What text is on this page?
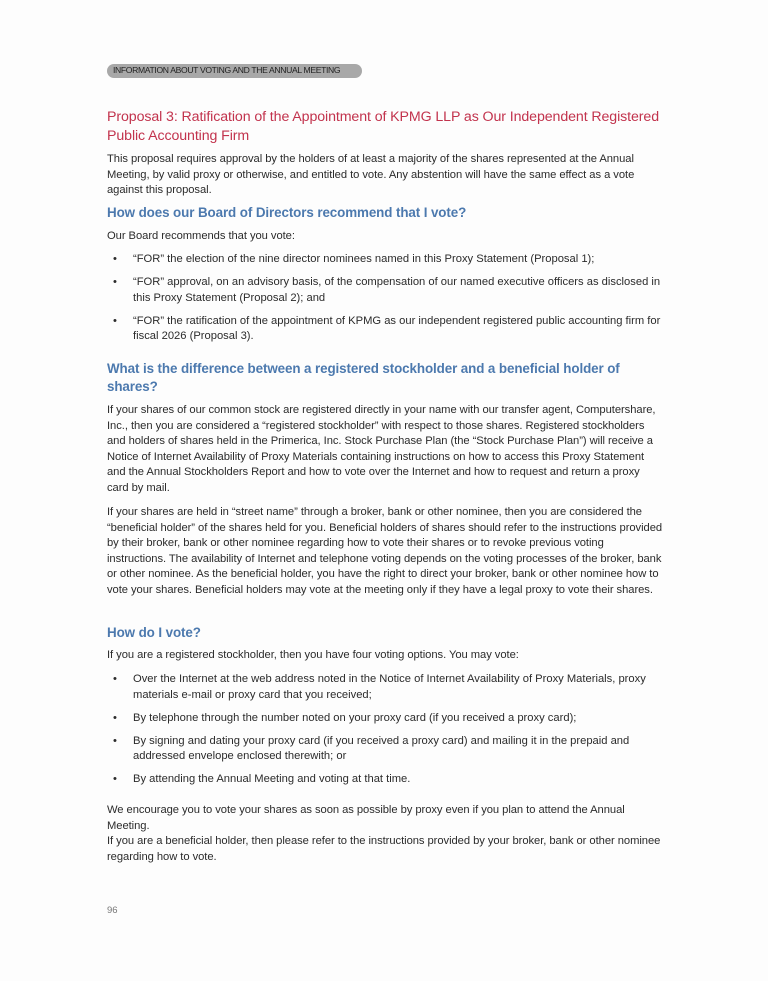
INFORMATION ABOUT VOTING AND THE ANNUAL MEETING
Proposal 3: Ratification of the Appointment of KPMG LLP as Our Independent Registered Public Accounting Firm
This proposal requires approval by the holders of at least a majority of the shares represented at the Annual Meeting, by valid proxy or otherwise, and entitled to vote. Any abstention will have the same effect as a vote against this proposal.
How does our Board of Directors recommend that I vote?
Our Board recommends that you vote:
• “FOR” the election of the nine director nominees named in this Proxy Statement (Proposal 1);
• “FOR” approval, on an advisory basis, of the compensation of our named executive officers as disclosed in this Proxy Statement (Proposal 2); and
• “FOR” the ratification of the appointment of KPMG as our independent registered public accounting firm for fiscal 2026 (Proposal 3).
What is the difference between a registered stockholder and a beneficial holder of shares?
If your shares of our common stock are registered directly in your name with our transfer agent, Computershare, Inc., then you are considered a “registered stockholder” with respect to those shares. Registered stockholders and holders of shares held in the Primerica, Inc. Stock Purchase Plan (the “Stock Purchase Plan”) will receive a Notice of Internet Availability of Proxy Materials containing instructions on how to access this Proxy Statement and the Annual Stockholders Report and how to vote over the Internet and how to request and return a proxy card by mail.
If your shares are held in “street name” through a broker, bank or other nominee, then you are considered the “beneficial holder” of the shares held for you. Beneficial holders of shares should refer to the instructions provided by their broker, bank or other nominee regarding how to vote their shares or to revoke previous voting instructions. The availability of Internet and telephone voting depends on the voting processes of the broker, bank or other nominee. As the beneficial holder, you have the right to direct your broker, bank or other nominee how to vote your shares. Beneficial holders may vote at the meeting only if they have a legal proxy to vote their shares.
How do I vote?
If you are a registered stockholder, then you have four voting options. You may vote:
• Over the Internet at the web address noted in the Notice of Internet Availability of Proxy Materials, proxy materials e-mail or proxy card that you received;
• By telephone through the number noted on your proxy card (if you received a proxy card);
• By signing and dating your proxy card (if you received a proxy card) and mailing it in the prepaid and addressed envelope enclosed therewith; or
• By attending the Annual Meeting and voting at that time.
We encourage you to vote your shares as soon as possible by proxy even if you plan to attend the Annual Meeting.
If you are a beneficial holder, then please refer to the instructions provided by your broker, bank or other nominee regarding how to vote.
96
